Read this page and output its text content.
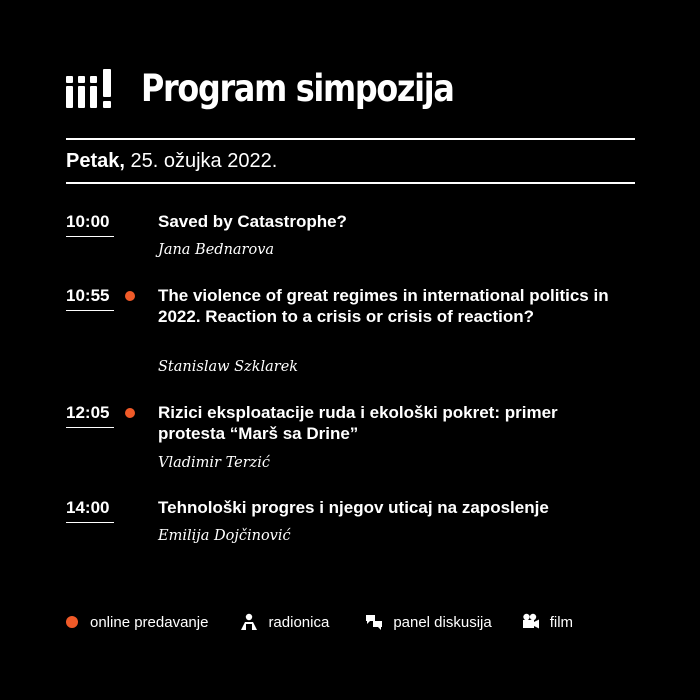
Program simpozija
Petak, 25. ožujka 2022.
10:00	Saved by Catastrophe?
Jana Bednarova
10:55	The violence of great regimes in international politics in 2022. Reaction to a crisis or crisis of reaction?
Stanislaw Szklarek
12:05	Rizici eksploatacije ruda i ekološki pokret: primer protesta “Marš sa Drine”
Vladimir Terzić
14:00	Tehnološki progres i njegov uticaj na zaposlenje
Emilija Dojčinović
online predavanje	radionica	panel diskusija	film
